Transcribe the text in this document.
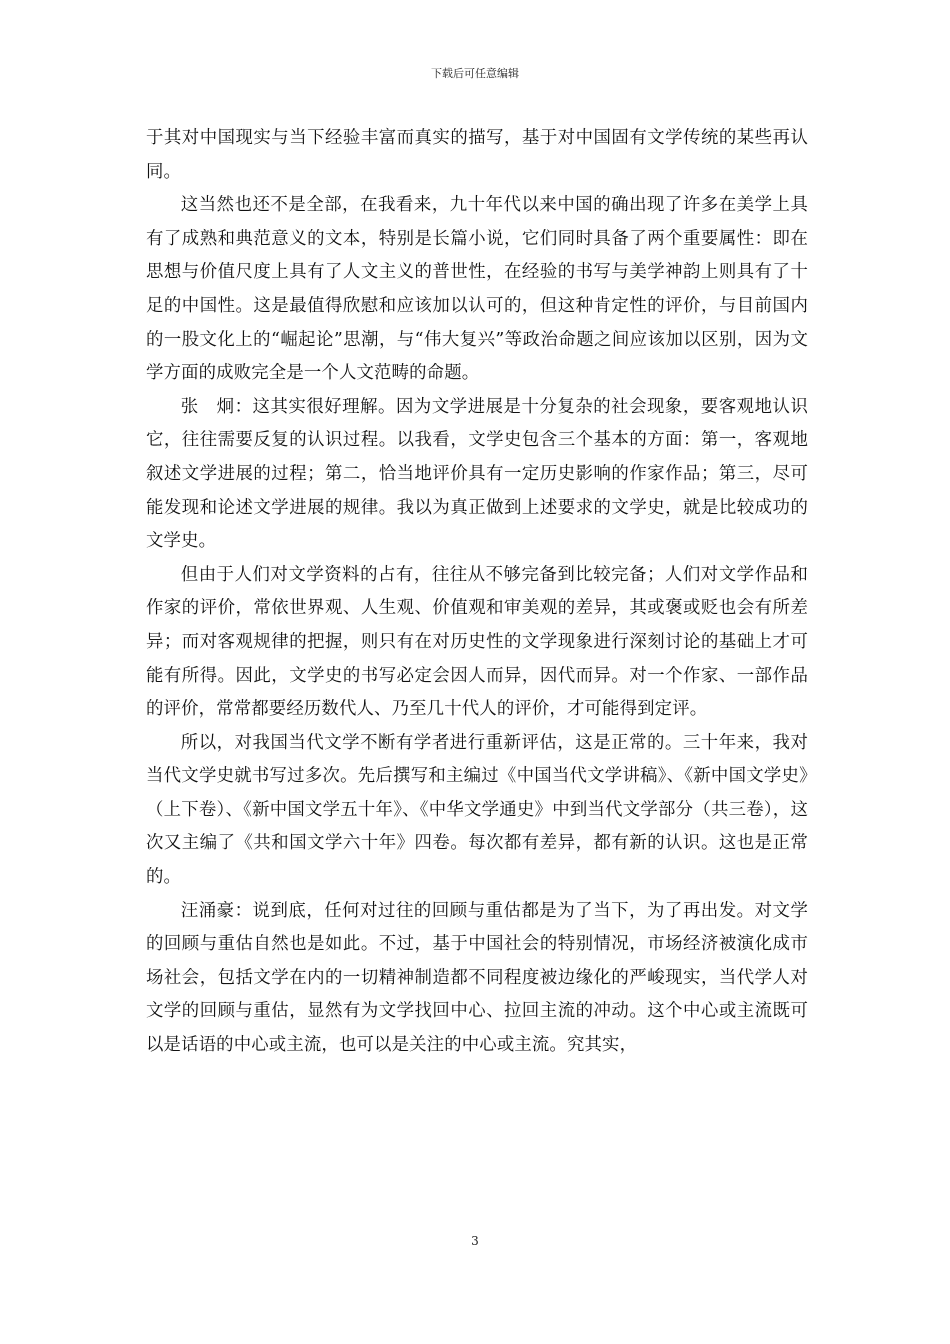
下载后可任意编辑

于其对中国现实与当下经验丰富而真实的描写，基于对中国固有文学传统的某些再认同。

这当然也还不是全部，在我看来，九十年代以来中国的确出现了许多在美学上具有了成熟和典范意义的文本，特别是长篇小说，它们同时具备了两个重要属性：即在思想与价值尺度上具有了人文主义的普世性，在经验的书写与美学神韵上则具有了十足的中国性。这是最值得欣慰和应该加以认可的，但这种肯定性的评价，与目前国内的一股文化上的“崛起论”思潮，与“伟大复兴”等政治命题之间应该加以区别，因为文学方面的成败完全是一个人文范畴的命题。

张　炯：这其实很好理解。因为文学进展是十分复杂的社会现象，要客观地认识它，往往需要反复的认识过程。以我看，文学史包含三个基本的方面：第一，客观地叙述文学进展的过程；第二，恰当地评价具有一定历史影响的作家作品；第三，尽可能发现和论述文学进展的规律。我以为真正做到上述要求的文学史，就是比较成功的文学史。

但由于人们对文学资料的占有，往往从不够完备到比较完备；人们对文学作品和作家的评价，常依世界观、人生观、价值观和审美观的差异，其或褒或贬也会有所差异；而对客观规律的把握，则只有在对历史性的文学现象进行深刻讨论的基础上才可能有所得。因此，文学史的书写必定会因人而异，因代而异。对一个作家、一部作品的评价，常常都要经历数代人、乃至几十代人的评价，才可能得到定评。

所以，对我国当代文学不断有学者进行重新评估，这是正常的。三十年来，我对当代文学史就书写过多次。先后撰写和主编过《中国当代文学讲稿》、《新中国文学史》（上下卷）、《新中国文学五十年》、《中华文学通史》中到当代文学部分（共三卷），这次又主编了《共和国文学六十年》四卷。每次都有差异，都有新的认识。这也是正常的。

汪涌豪：说到底，任何对过往的回顾与重估都是为了当下，为了再出发。对文学的回顾与重估自然也是如此。不过，基于中国社会的特别情况，市场经济被演化成市场社会，包括文学在内的一切精神制造都不同程度被边缘化的严峻现实，当代学人对文学的回顾与重估，显然有为文学找回中心、拉回主流的冲动。这个中心或主流既可以是话语的中心或主流，也可以是关注的中心或主流。究其实，

3
